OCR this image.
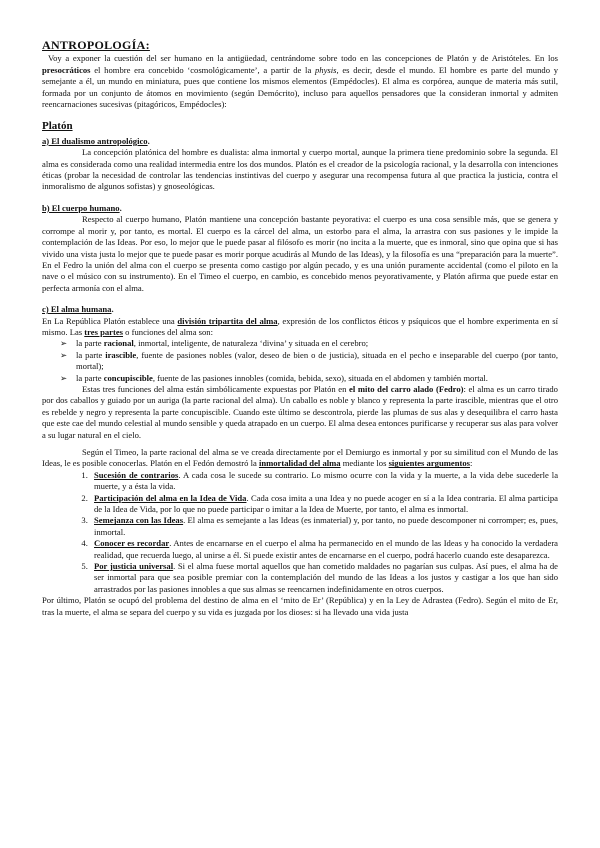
ANTROPOLOGÍA:

Voy a exponer la cuestión del ser humano en la antigüedad, centrándome sobre todo en las concepciones de Platón y de Aristóteles. En los presocráticos el hombre era concebido ‘cosmológicamente’, a partir de la physis, es decir, desde el mundo. El hombre es parte del mundo y semejante a él, un mundo en miniatura, pues que contiene los mismos elementos (Empédocles). El alma es corpórea, aunque de materia más sutil, formada por un conjunto de átomos en movimiento (según Demócrito), incluso para aquellos pensadores que la consideran inmortal y admiten reencarnaciones sucesivas (pitagóricos, Empédocles):

Platón

a) El dualismo antropológico.

La concepción platónica del hombre es dualista: alma inmortal y cuerpo mortal, aunque la primera tiene predominio sobre la segunda. El alma es considerada como una realidad intermedia entre los dos mundos. Platón es el creador de la psicología racional, y la desarrolla con intenciones éticas (probar la necesidad de controlar las tendencias instintivas del cuerpo y asegurar una recompensa futura al que practica la justicia, contra el inmoralismo de algunos sofistas) y gnoseológicas.

b) El cuerpo humano.

Respecto al cuerpo humano, Platón mantiene una concepción bastante peyorativa: el cuerpo es una cosa sensible más, que se genera y corrompe al morir y, por tanto, es mortal. El cuerpo es la cárcel del alma, un estorbo para el alma, la arrastra con sus pasiones y le impide la contemplación de las Ideas. Por eso, lo mejor que le puede pasar al filósofo es morir (no incita a la muerte, que es inmoral, sino que opina que si has vivido una vista justa lo mejor que te puede pasar es morir porque acudirás al Mundo de las Ideas), y la filosofía es una “preparación para la muerte”. En el Fedro la unión del alma con el cuerpo se presenta como castigo por algún pecado, y es una unión puramente accidental (como el piloto en la nave o el músico con su instrumento). En el Timeo el cuerpo, en cambio, es concebido menos peyorativamente, y Platón afirma que puede estar en perfecta armonía con el alma.

c) El alma humana.

En La República Platón establece una división tripartita del alma, expresión de los conflictos éticos y psíquicos que el hombre experimenta en sí mismo. Las tres partes o funciones del alma son:

➢ la parte racional, inmortal, inteligente, de naturaleza ‘divina’ y situada en el cerebro;
➢ la parte irascible, fuente de pasiones nobles (valor, deseo de bien o de justicia), situada en el pecho e inseparable del cuerpo (por tanto, mortal);
➢ la parte concupiscible, fuente de las pasiones innobles (comida, bebida, sexo), situada en el abdomen y también mortal.

Estas tres funciones del alma están simbólicamente expuestas por Platón en el mito del carro alado (Fedro): el alma es un carro tirado por dos caballos y guiado por un auriga (la parte racional del alma). Un caballo es noble y blanco y representa la parte irascible, mientras que el otro es rebelde y negro y representa la parte concupiscible. Cuando este último se descontrola, pierde las plumas de sus alas y desequilibra el carro hasta que este cae del mundo celestial al mundo sensible y queda atrapado en un cuerpo. El alma desea entonces purificarse y recuperar sus alas para volver a su lugar natural en el cielo.

Según el Timeo, la parte racional del alma se ve creada directamente por el Demiurgo es inmortal y por su similitud con el Mundo de las Ideas, le es posible conocerlas. Platón en el Fedón demostró la inmortalidad del alma mediante los siguientes argumentos:

1. Sucesión de contrarios. A cada cosa le sucede su contrario. Lo mismo ocurre con la vida y la muerte, a la vida debe sucederle la muerte, y a ésta la vida.
2. Participación del alma en la Idea de Vida. Cada cosa imita a una Idea y no puede acoger en sí a la Idea contraria. El alma participa de la Idea de Vida, por lo que no puede participar o imitar a la Idea de Muerte, por tanto, el alma es inmortal.
3. Semejanza con las Ideas. El alma es semejante a las Ideas (es inmaterial) y, por tanto, no puede descomponer ni corromper; es, pues, inmortal.
4. Conocer es recordar. Antes de encarnarse en el cuerpo el alma ha permanecido en el mundo de las Ideas y ha conocido la verdadera realidad, que recuerda luego, al unirse a él. Si puede existir antes de encarnarse en el cuerpo, podrá hacerlo cuando este desaparezca.
5. Por justicia universal. Si el alma fuese mortal aquellos que han cometido maldades no pagarían sus culpas. Así pues, el alma ha de ser inmortal para que sea posible premiar con la contemplación del mundo de las Ideas a los justos y castigar a los que han sido arrastrados por las pasiones innobles a que sus almas se reencarnen indefinidamente en otros cuerpos.

Por último, Platón se ocupó del problema del destino de alma en el ‘mito de Er’ (República) y en la Ley de Adrastea (Fedro). Según el mito de Er, tras la muerte, el alma se separa del cuerpo y su vida es juzgada por los dioses: si ha llevado una vida justa
